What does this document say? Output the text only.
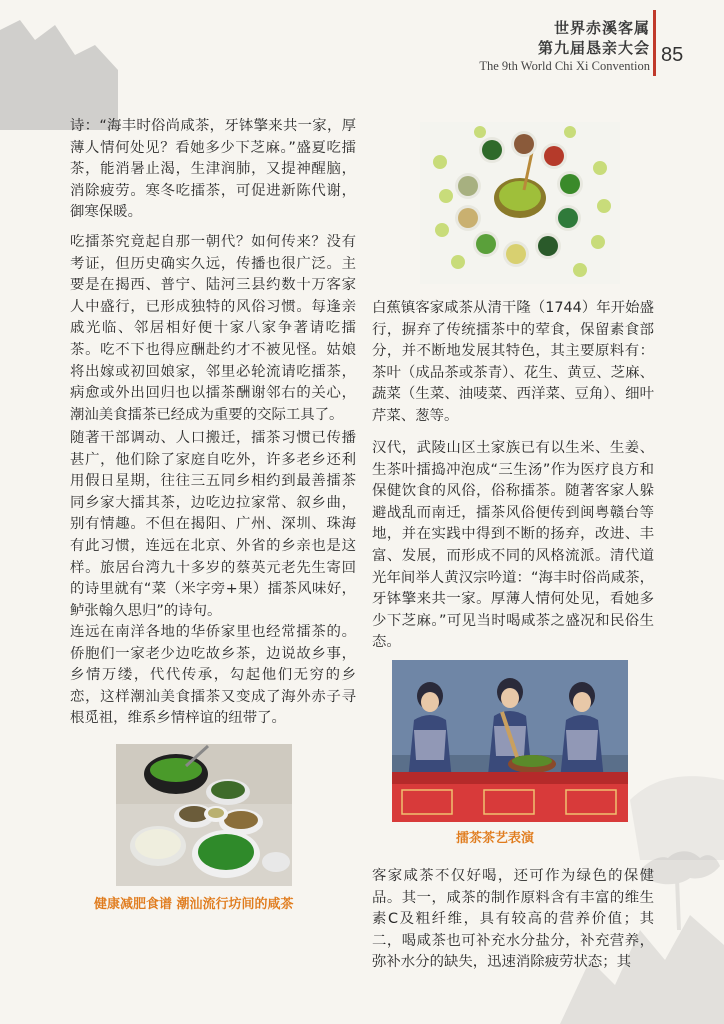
世界赤溪客属
第九届恳亲大会
The 9th World Chi Xi Convention 85

诗：“海丰时俗尚咸茶，牙钵擎来共一家，厚薄人情何处见？看她多少下芝麻。”盛夏吃擂茶，能消暑止渴，生津润肺，又提神醒脑，消除疲劳。寒冬吃擂茶，可促进新陈代谢，御寒保暖。

吃擂茶究竟起自那一朝代？如何传来？没有考证，但历史确实久远，传播也很广泛。主要是在揭西、普宁、陆河三县约数十万客家人中盛行，已形成独特的风俗习惯。每逢亲戚光临、邻居相好便十家八家争著请吃擂茶。吃不下也得应酬赴约才不被见怪。姑娘将出嫁或初回娘家，邻里必轮流请吃擂茶，病愈或外出回归也以擂茶酬谢邻右的关心，潮汕美食擂茶已经成为重要的交际工具了。

随著干部调动、人口搬迁，擂茶习惯已传播甚广，他们除了家庭自吃外，许多老乡还利用假日星期，往往三五同乡相约到最善擂茶同乡家大擂其茶，边吃边拉家常、叙乡曲，别有情趣。不但在揭阳、广州、深圳、珠海有此习惯，连远在北京、外省的乡亲也是这样。旅居台湾九十多岁的蔡英元老先生寄回的诗里就有“菜（米字旁+果）擂茶风味好，鲈张翰久思归”的诗句。

连远在南洋各地的华侨家里也经常擂茶的。侨胞们一家老少边吃故乡茶，边说故乡事，乡情万缕，代代传承，勾起他们无穷的乡恋，这样潮汕美食擂茶又变成了海外赤子寻根觅祖，维系乡情梓谊的纽带了。

健康减肥食谱 潮汕流行坊间的咸茶

白蕉镇客家咸茶从清干隆（1744）年开始盛行，摒弃了传统擂茶中的荤食，保留素食部分，并不断地发展其特色，其主要原料有：茶叶（成品茶或茶青）、花生、黄豆、芝麻、蔬菜（生菜、油唛菜、西洋菜、豆角）、细叶芹菜、葱等。

汉代，武陵山区土家族已有以生米、生姜、生茶叶擂捣冲泡成“三生汤”作为医疗良方和保健饮食的风俗，俗称擂茶。随著客家人躲避战乱而南迁，擂茶风俗便传到闽粤赣台等地，并在实践中得到不断的扬弃，改进、丰富、发展，而形成不同的风格流派。清代道光年间举人黄汉宗吟道：“海丰时俗尚咸茶，牙钵擎来共一家。厚薄人情何处见，看她多少下芝麻。”可见当时喝咸茶之盛况和民俗生态。

擂茶茶艺表演

客家咸茶不仅好喝，还可作为绿色的保健品。其一，咸茶的制作原料含有丰富的维生素C及粗纤维，具有较高的营养价值；其二，喝咸茶也可补充水分盐分，补充营养，弥补水分的缺失，迅速消除疲劳状态；其
